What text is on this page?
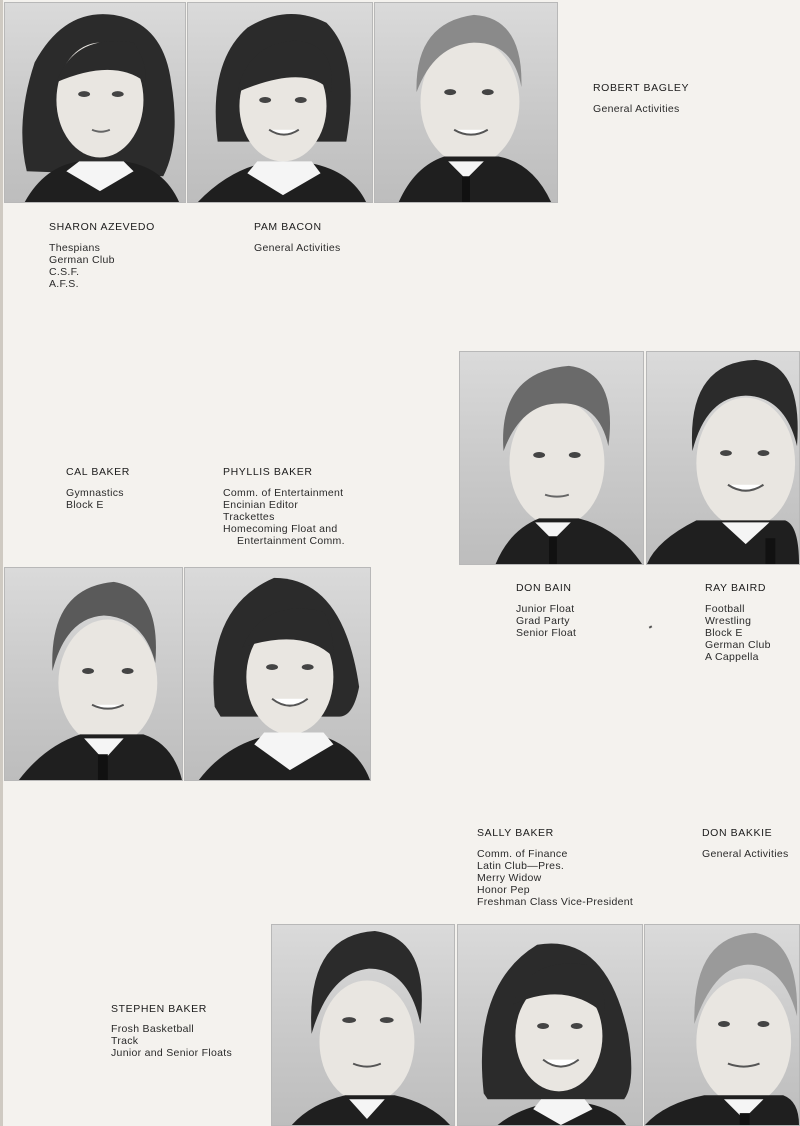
SHARON AZEVEDO
Thespians
German Club
C.S.F.
A.F.S.
PAM BACON
General Activities
ROBERT BAGLEY
General Activities
CAL BAKER
Gymnastics
Block E
PHYLLIS BAKER
Comm. of Entertainment
Encinian Editor
Trackettes
Homecoming Float and
Entertainment Comm.
DON BAIN
Junior Float
Grad Party
Senior Float
RAY BAIRD
Football
Wrestling
Block E
German Club
A Cappella
SALLY BAKER
Comm. of Finance
Latin Club—Pres.
Merry Widow
Honor Pep
Freshman Class Vice-President
DON BAKKIE
General Activities
STEPHEN BAKER
Frosh Basketball
Track
Junior and Senior Floats
